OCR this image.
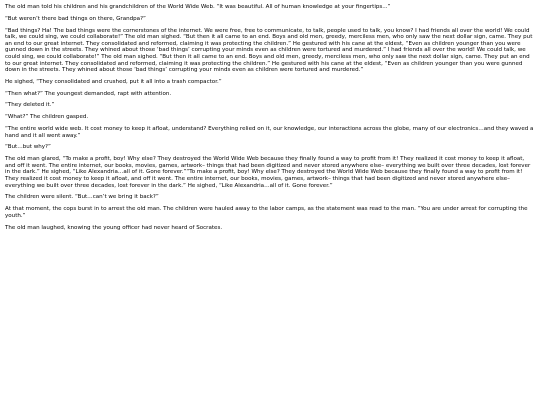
The old man told his children and his grandchildren of the World Wide Web. “It was beautiful. All of human knowledge at your fingertips...”

“But weren’t there bad things on there, Grandpa?”

“Bad things? Ha! The bad things were the cornerstones of the internet. We were free, free to communicate, to talk, people used to talk, you know? I had friends all over the world! We could talk, we could sing, we could collaborate!” The old man sighed. “But then it all came to an end. Boys and old men, greedy, merciless men, who only saw the next dollar sign, came. They put an end to our great internet. They consolidated and reformed, claiming it was protecting the children.” He gestured with his cane at the eldest, “Even as children younger than you were gunned down in the streets. They whined about those ‘bad things’ corrupting your minds even as children were tortured and murdered.” I had friends all over the world! We could talk, we could sing, we could collaborate!” The old man sighed. “But then it all came to an end. Boys and old men, greedy, merciless men, who only saw the next dollar sign, came. They put an end to our great internet. They consolidated and reformed, claiming it was protecting the children.” He gestured with his cane at the eldest, “Even as children younger than you were gunned down in the streets. They whined about those ‘bad things’ corrupting your minds even as children were tortured and murdered.”

He sighed, “They consolidated and crushed, put it all into a trash compactor.”

“Then what?” The youngest demanded, rapt with attention.

“They deleted it.”

“What?” The children gasped.

“The entire world wide web. It cost money to keep it afloat, understand? Everything relied on it, our knowledge, our interactions across the globe, many of our electronics…and they waved a hand and it all went away.”

“But…but why?”

The old man glared, “To make a profit, boy! Why else? They destroyed the World Wide Web because they finally found a way to profit from it! They realized it cost money to keep it afloat, and off it went. The entire internet, our books, movies, games, artwork– things that had been digitized and never stored anywhere else– everything we built over three decades, lost forever in the dark.” He sighed, “Like Alexandria…all of it. Gone forever.”“To make a profit, boy! Why else? They destroyed the World Wide Web because they finally found a way to profit from it! They realized it cost money to keep it afloat, and off it went. The entire internet, our books, movies, games, artwork– things that had been digitized and never stored anywhere else– everything we built over three decades, lost forever in the dark.” He sighed, “Like Alexandria…all of it. Gone forever.”

The children were silent. “But…can’t we bring it back?”

At that moment, the cops burst in to arrest the old man. The children were hauled away to the labor camps, as the statement was read to the man. “You are under arrest for corrupting the youth.”

The old man laughed, knowing the young officer had never heard of Socrates.
